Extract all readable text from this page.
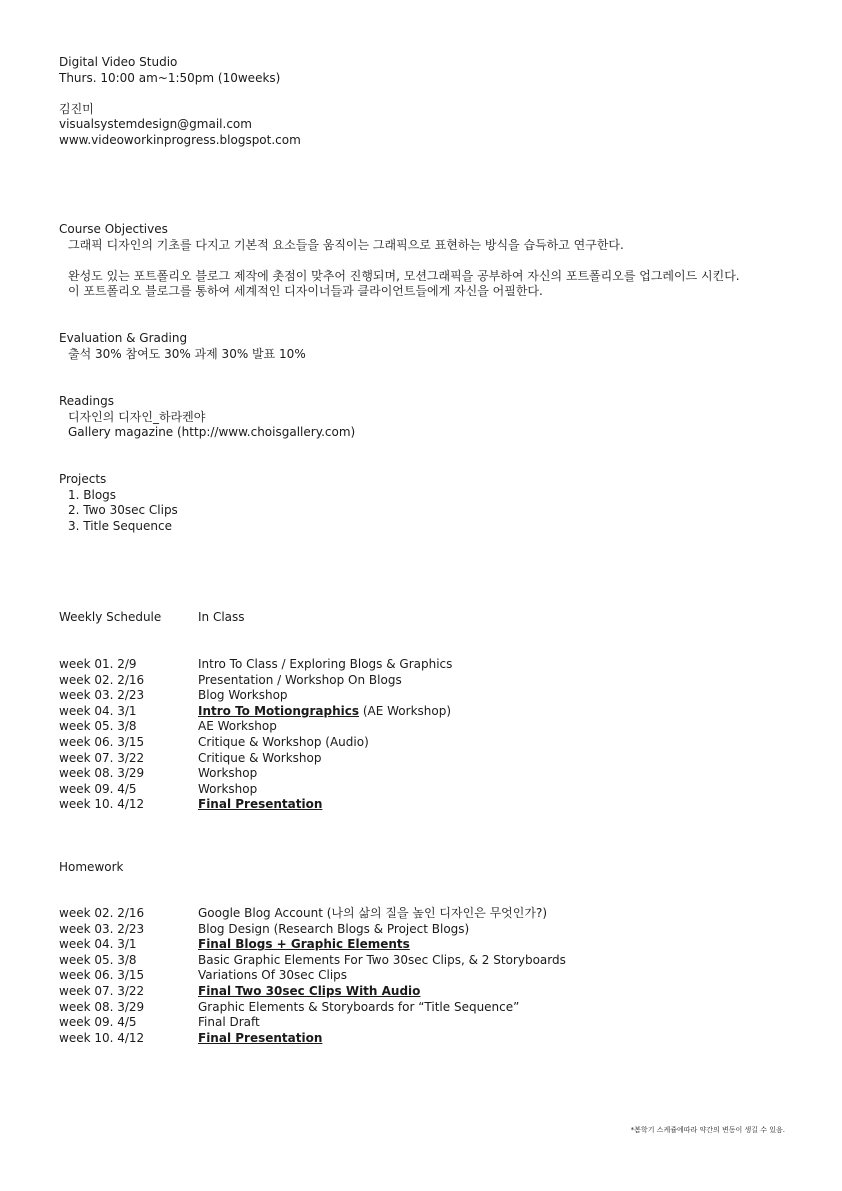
Digital Video Studio
Thurs. 10:00 am~1:50pm (10weeks)
김진미
visualsystemdesign@gmail.com
www.videoworkinprogress.blogspot.com
Course Objectives
그래픽 디자인의 기초를 다지고 기본적 요소들을 움직이는 그래픽으로 표현하는 방식을 습득하고 연구한다.
완성도 있는 포트폴리오 블로그 제작에 촛점이 맞추어 진행되며, 모션그래픽을 공부하여 자신의 포트폴리오를 업그레이드 시킨다.
이 포트폴리오 블로그를 통하여 세계적인 디자이너들과 클라이언트들에게 자신을 어필한다.
Evaluation & Grading
출석 30% 참여도 30% 과제 30% 발표 10%
Readings
디자인의 디자인_하라켄야
Gallery magazine (http://www.choisgallery.com)
Projects
1. Blogs
2. Two 30sec Clips
3. Title Sequence
Weekly Schedule	In Class
week 01. 2/9	Intro To Class / Exploring Blogs & Graphics
week 02. 2/16	Presentation / Workshop On Blogs
week 03. 2/23	Blog Workshop
week 04. 3/1	Intro To Motiongraphics (AE Workshop)
week 05. 3/8	AE Workshop
week 06. 3/15	Critique & Workshop (Audio)
week 07. 3/22	Critique & Workshop
week 08. 3/29	Workshop
week 09. 4/5	Workshop
week 10. 4/12	Final Presentation
Homework
week 02. 2/16	Google Blog Account (나의 삶의 질을 높인 디자인은 무엇인가?)
week 03. 2/23	Blog Design (Research Blogs & Project Blogs)
week 04. 3/1	Final Blogs + Graphic Elements
week 05. 3/8	Basic Graphic Elements For Two 30sec Clips, & 2 Storyboards
week 06. 3/15	Variations Of 30sec Clips
week 07. 3/22	Final Two 30sec Clips With Audio
week 08. 3/29	Graphic Elements & Storyboards for “Title Sequence”
week 09. 4/5	Final Draft
week 10. 4/12	Final Presentation
*봄학기 스케쥴에따라 약간의 변동이 생길 수 있음.
